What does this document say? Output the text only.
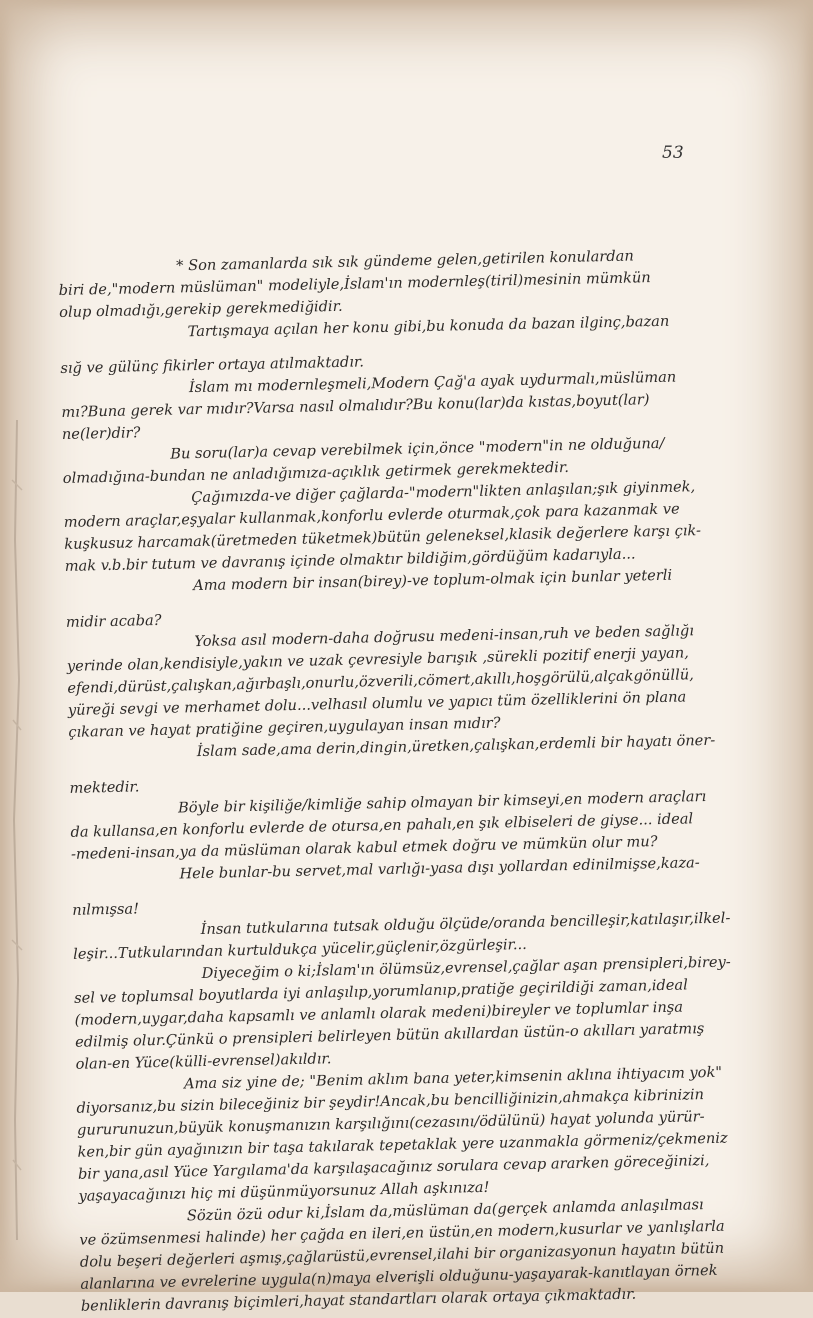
53
* Son zamanlarda sık sık gündeme gelen,getirilen konulardan
biri de,"modern müslüman" modeliyle,İslam'ın modernleş(tiril)mesinin mümkün
olup olmadığı,gerekip gerekmediğidir.
Tartışmaya açılan her konu gibi,bu konuda da bazan ilginç,bazan
sığ ve gülünç fikirler ortaya atılmaktadır.
İslam mı modernleşmeli,Modern Çağ'a ayak uydurmalı,müslüman
mı?Buna gerek var mıdır?Varsa nasıl olmalıdır?Bu konu(lar)da kıstas,boyut(lar)
ne(ler)dir?
Bu soru(lar)a cevap verebilmek için,önce "modern"in ne olduğuna/
olmadığına-bundan ne anladığımıza-açıklık getirmek gerekmektedir.
Çağımızda-ve diğer çağlarda-"modern"likten anlaşılan;şık giyinmek,
modern araçlar,eşyalar kullanmak,konforlu evlerde oturmak,çok para kazanmak ve
kuşkusuz harcamak(üretmeden tüketmek)bütün geleneksel,klasik değerlere karşı çık-
mak v.b.bir tutum ve davranış içinde olmaktır bildiğim,gördüğüm kadarıyla...
Ama modern bir insan(birey)-ve toplum-olmak için bunlar yeterli
midir acaba?
Yoksa asıl modern-daha doğrusu medeni-insan,ruh ve beden sağlığı
yerinde olan,kendisiyle,yakın ve uzak çevresiyle barışık ,sürekli pozitif enerji yayan,
efendi,dürüst,çalışkan,ağırbaşlı,onurlu,özverili,cömert,akıllı,hoşgörülü,alçakgönüllü,
yüreği sevgi ve merhamet dolu...velhasıl olumlu ve yapıcı tüm özelliklerini ön plana
çıkaran ve hayat pratiğine geçiren,uygulayan insan mıdır?
İslam sade,ama derin,dingin,üretken,çalışkan,erdemli bir hayatı öner-
mektedir.
Böyle bir kişiliğe/kimliğe sahip olmayan bir kimseyi,en modern araçları
da kullansa,en konforlu evlerde de otursa,en pahalı,en şık elbiseleri de giyse... ideal
-medeni-insan,ya da müslüman olarak kabul etmek doğru ve mümkün olur mu?
Hele bunlar-bu servet,mal varlığı-yasa dışı yollardan edinilmişse,kaza-
nılmışsa!	İnsan tutkularına tutsak olduğu ölçüde/oranda bencilleşir,katılaşır,ilkel-
leşir...Tutkularından kurtuldukça yücelir,güçlenir,özgürleşir...
Diyeceğim o ki;İslam'ın ölümsüz,evrensel,çağlar aşan prensipleri,birey-
sel ve toplumsal boyutlarda iyi anlaşılıp,yorumlanıp,pratiğe geçirildiği zaman,ideal
(modern,uygar,daha kapsamlı ve anlamlı olarak medeni)bireyler ve toplumlar inşa
edilmiş olur.Çünkü o prensipleri belirleyen bütün akıllardan üstün-o akılları yaratmış
olan-en Yüce(külli-evrensel)akıldır.
Ama siz yine de; "Benim aklım bana yeter,kimsenin aklına ihtiyacım yok"
diyorsanız,bu sizin bileceğiniz bir şeydir!Ancak,bu bencilliğinizin,ahmakça kibrinizin
gururunuzun,büyük konuşmanızın karşılığını(cezasını/ödülünü) hayat yolunda yürür-
ken,bir gün ayağınızın bir taşa takılarak tepetaklak yere uzanmakla görmeniz/çekmeniz
bir yana,asıl Yüce Yargılama'da karşılaşacağınız sorulara cevap ararken göreceğinizi,
yaşayacağınızı hiç mi düşünmüyorsunuz Allah aşkınıza!
Sözün özü odur ki,İslam da,müslüman da(gerçek anlamda anlaşılması
ve özümsenmesi halinde) her çağda en ileri,en üstün,en modern,kusurlar ve yanlışlarla
dolu beşeri değerleri aşmış,çağlarüstü,evrensel,ilahi bir organizasyonun hayatın bütün
alanlarına ve evrelerine uygula(n)maya elverişli olduğunu-yaşayarak-kanıtlayan örnek
benliklerin davranış biçimleri,hayat standartları olarak ortaya çıkmaktadır.
